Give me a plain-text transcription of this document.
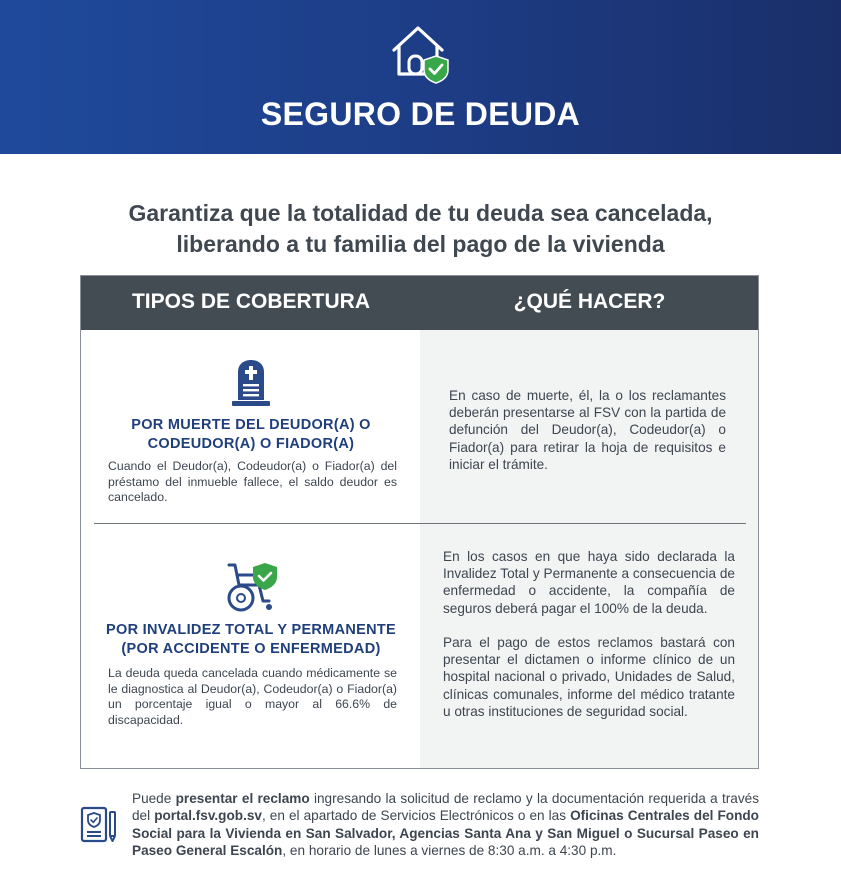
SEGURO DE DEUDA
Garantiza que la totalidad de tu deuda sea cancelada,
liberando a tu familia del pago de la vivienda
TIPOS DE COBERTURA	¿QUÉ HACER?
POR MUERTE DEL DEUDOR(A) O
CODEUDOR(A) O FIADOR(A)
Cuando el Deudor(a), Codeudor(a) o Fiador(a) del préstamo del inmueble fallece, el saldo deudor es cancelado.
En caso de muerte, él, la o los reclamantes deberán presentarse al FSV con la partida de defunción del Deudor(a), Codeudor(a) o Fiador(a) para retirar la hoja de requisitos e iniciar el trámite.
POR INVALIDEZ TOTAL Y PERMANENTE
(POR ACCIDENTE O ENFERMEDAD)
La deuda queda cancelada cuando médicamente se le diagnostica al Deudor(a), Codeudor(a) o Fiador(a) un porcentaje igual o mayor al 66.6% de discapacidad.
En los casos en que haya sido declarada la Invalidez Total y Permanente a consecuencia de enfermedad o accidente, la compañía de seguros deberá pagar el 100% de la deuda.
Para el pago de estos reclamos bastará con presentar el dictamen o informe clínico de un hospital nacional o privado, Unidades de Salud, clínicas comunales, informe del médico tratante u otras instituciones de seguridad social.
Puede presentar el reclamo ingresando la solicitud de reclamo y la documentación requerida a través del portal.fsv.gob.sv, en el apartado de Servicios Electrónicos o en las Oficinas Centrales del Fondo Social para la Vivienda en San Salvador, Agencias Santa Ana y San Miguel o Sucursal Paseo en Paseo General Escalón, en horario de lunes a viernes de 8:30 a.m. a 4:30 p.m.
